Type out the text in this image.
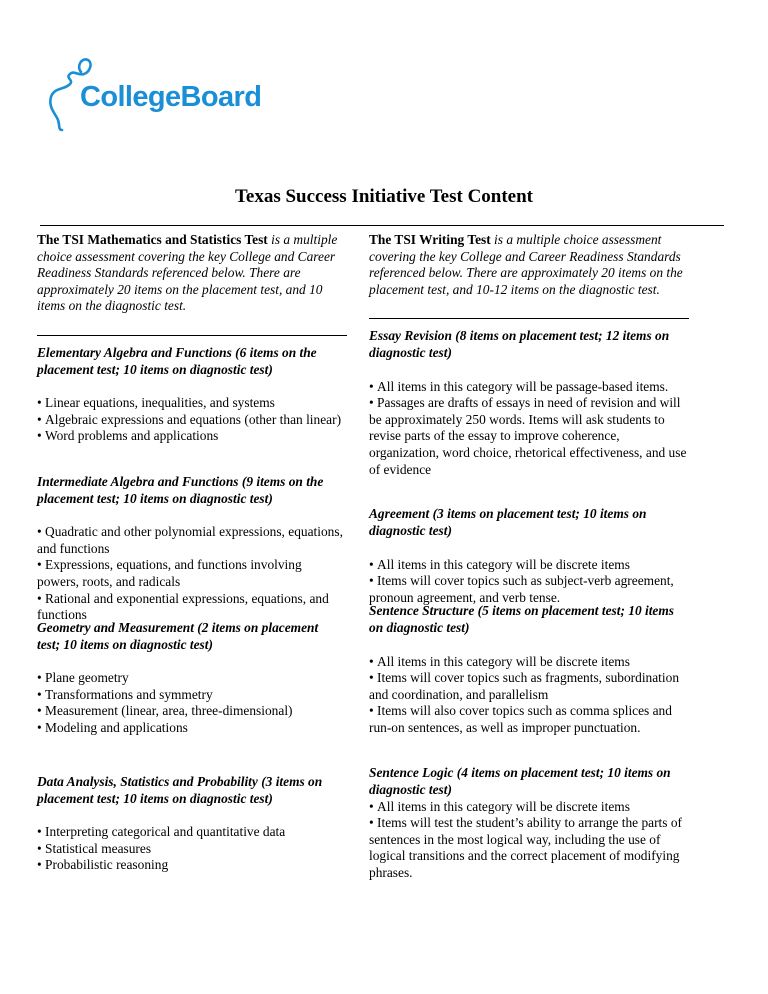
CollegeBoard
Texas Success Initiative Test Content

The TSI Mathematics and Statistics Test is a multiple choice assessment covering the key College and Career Readiness Standards referenced below. There are approximately 20 items on the placement test, and 10 items on the diagnostic test.

Elementary Algebra and Functions (6 items on the placement test; 10 items on diagnostic test)

• Linear equations, inequalities, and systems
• Algebraic expressions and equations (other than linear)
• Word problems and applications

Intermediate Algebra and Functions (9 items on the placement test; 10 items on diagnostic test)

• Quadratic and other polynomial expressions, equations, and functions
• Expressions, equations, and functions involving powers, roots, and radicals
• Rational and exponential expressions, equations, and functions

Geometry and Measurement (2 items on placement test; 10 items on diagnostic test)

• Plane geometry
• Transformations and symmetry
• Measurement (linear, area, three-dimensional)
• Modeling and applications

Data Analysis, Statistics and Probability (3 items on placement test; 10 items on diagnostic test)

• Interpreting categorical and quantitative data
• Statistical measures
• Probabilistic reasoning

The TSI Writing Test is a multiple choice assessment covering the key College and Career Readiness Standards referenced below. There are approximately 20 items on the placement test, and 10-12 items on the diagnostic test.

Essay Revision (8 items on placement test; 12 items on diagnostic test)

• All items in this category will be passage-based items.
• Passages are drafts of essays in need of revision and will be approximately 250 words. Items will ask students to revise parts of the essay to improve coherence, organization, word choice, rhetorical effectiveness, and use of evidence

Agreement (3 items on placement test; 10 items on diagnostic test)

• All items in this category will be discrete items
• Items will cover topics such as subject-verb agreement, pronoun agreement, and verb tense.

Sentence Structure (5 items on placement test; 10 items on diagnostic test)

• All items in this category will be discrete items
• Items will cover topics such as fragments, subordination and coordination, and parallelism
• Items will also cover topics such as comma splices and run-on sentences, as well as improper punctuation.

Sentence Logic (4 items on placement test; 10 items on diagnostic test)

• All items in this category will be discrete items
• Items will test the student’s ability to arrange the parts of sentences in the most logical way, including the use of logical transitions and the correct placement of modifying phrases.
